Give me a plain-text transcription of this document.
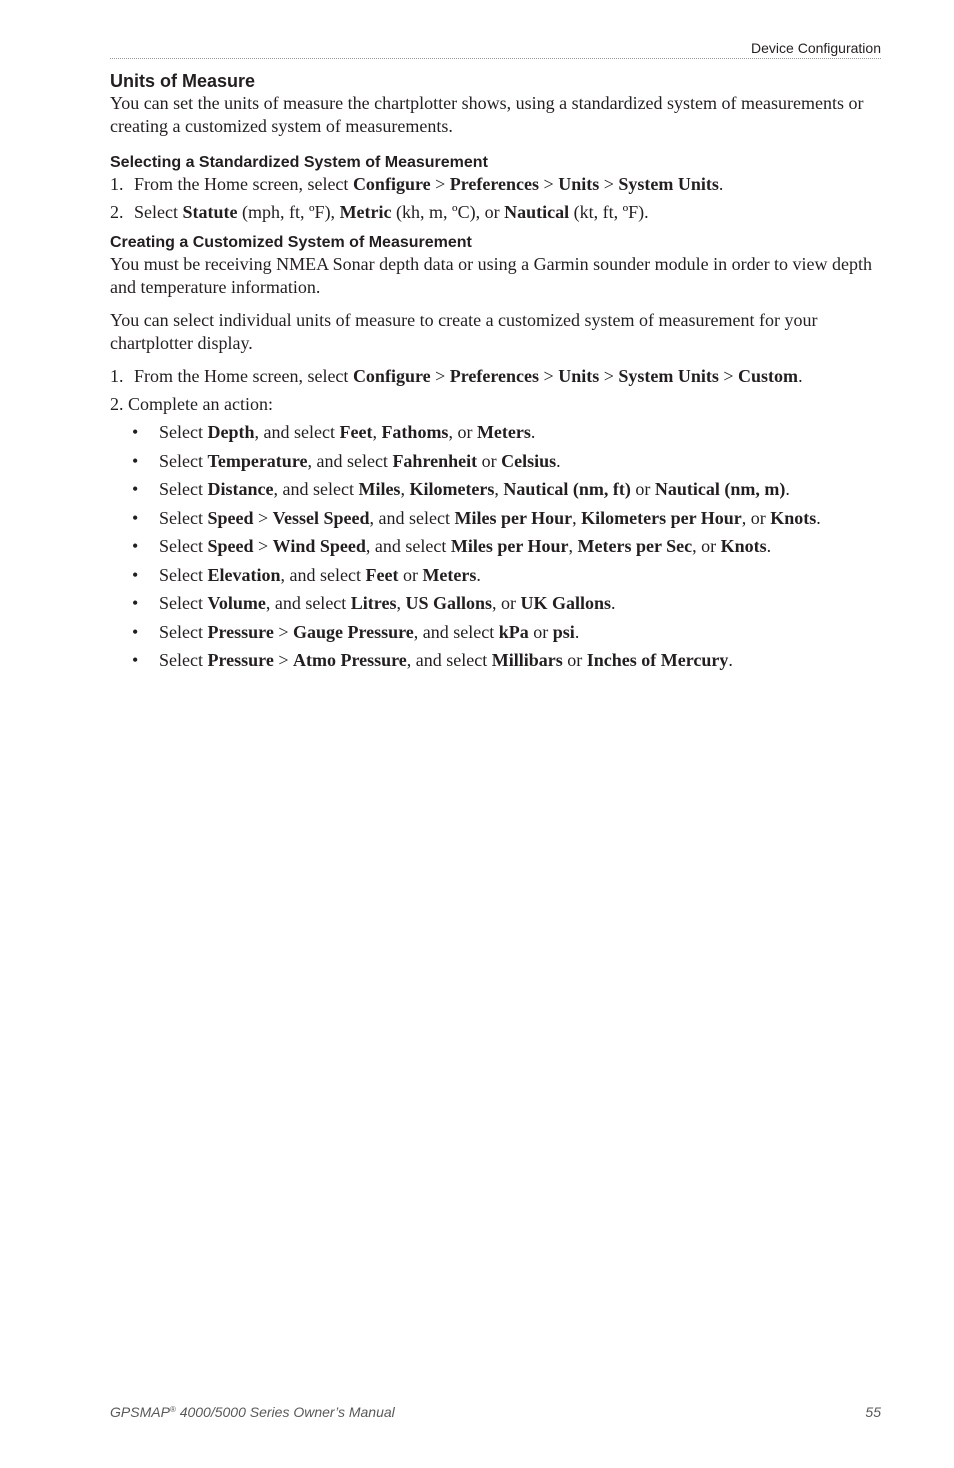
Device Configuration
Units of Measure

You can set the units of measure the chartplotter shows, using a standardized system of measurements or creating a customized system of measurements.

Selecting a Standardized System of Measurement
1. From the Home screen, select Configure > Preferences > Units > System Units.
2. Select Statute (mph, ft, ºF), Metric (kh, m, ºC), or Nautical (kt, ft, ºF).
Creating a Customized System of Measurement

You must be receiving NMEA Sonar depth data or using a Garmin sounder module in order to view depth and temperature information.

You can select individual units of measure to create a customized system of measurement for your chartplotter display.

1. From the Home screen, select Configure > Preferences > Units > System Units > Custom.

2. Complete an action:

• Select Depth, and select Feet, Fathoms, or Meters.
• Select Temperature, and select Fahrenheit or Celsius.
• Select Distance, and select Miles, Kilometers, Nautical (nm, ft) or Nautical (nm, m).
• Select Speed > Vessel Speed, and select Miles per Hour, Kilometers per Hour, or Knots.
• Select Speed > Wind Speed, and select Miles per Hour, Meters per Sec, or Knots.
• Select Elevation, and select Feet or Meters.
• Select Volume, and select Litres, US Gallons, or UK Gallons.
• Select Pressure > Gauge Pressure, and select kPa or psi.
• Select Pressure > Atmo Pressure, and select Millibars or Inches of Mercury.
GPSMAP® 4000/5000 Series Owner’s Manual	55
